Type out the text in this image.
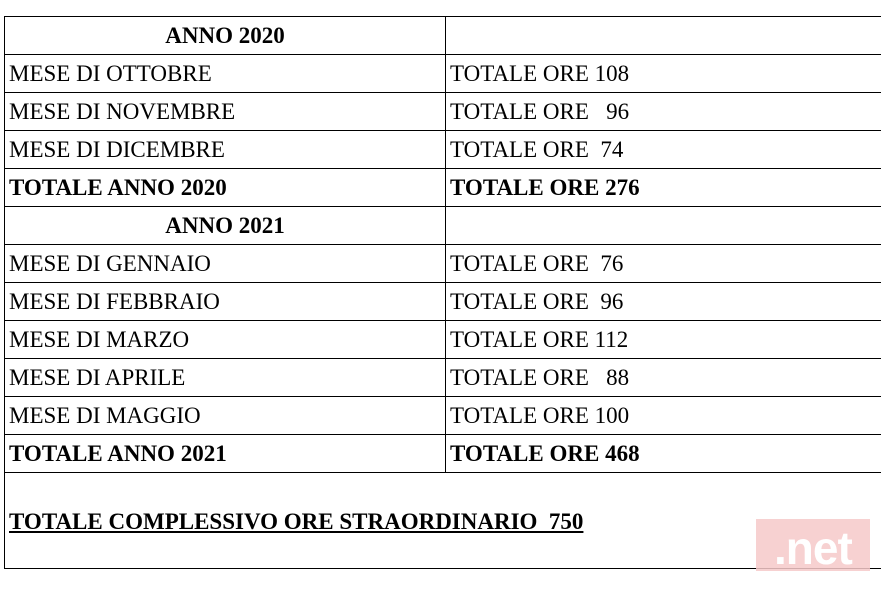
ANNO 2020	
MESE DI OTTOBRE	TOTALE ORE 108
MESE DI NOVEMBRE	TOTALE ORE   96
MESE DI DICEMBRE	TOTALE ORE  74
TOTALE ANNO 2020	TOTALE ORE 276
ANNO 2021	
MESE DI GENNAIO	TOTALE ORE  76
MESE DI FEBBRAIO	TOTALE ORE  96
MESE DI MARZO	TOTALE ORE 112
MESE DI APRILE	TOTALE ORE   88
MESE DI MAGGIO	TOTALE ORE 100
TOTALE ANNO 2021	TOTALE ORE 468
TOTALE COMPLESSIVO ORE STRAORDINARIO  750
.net
